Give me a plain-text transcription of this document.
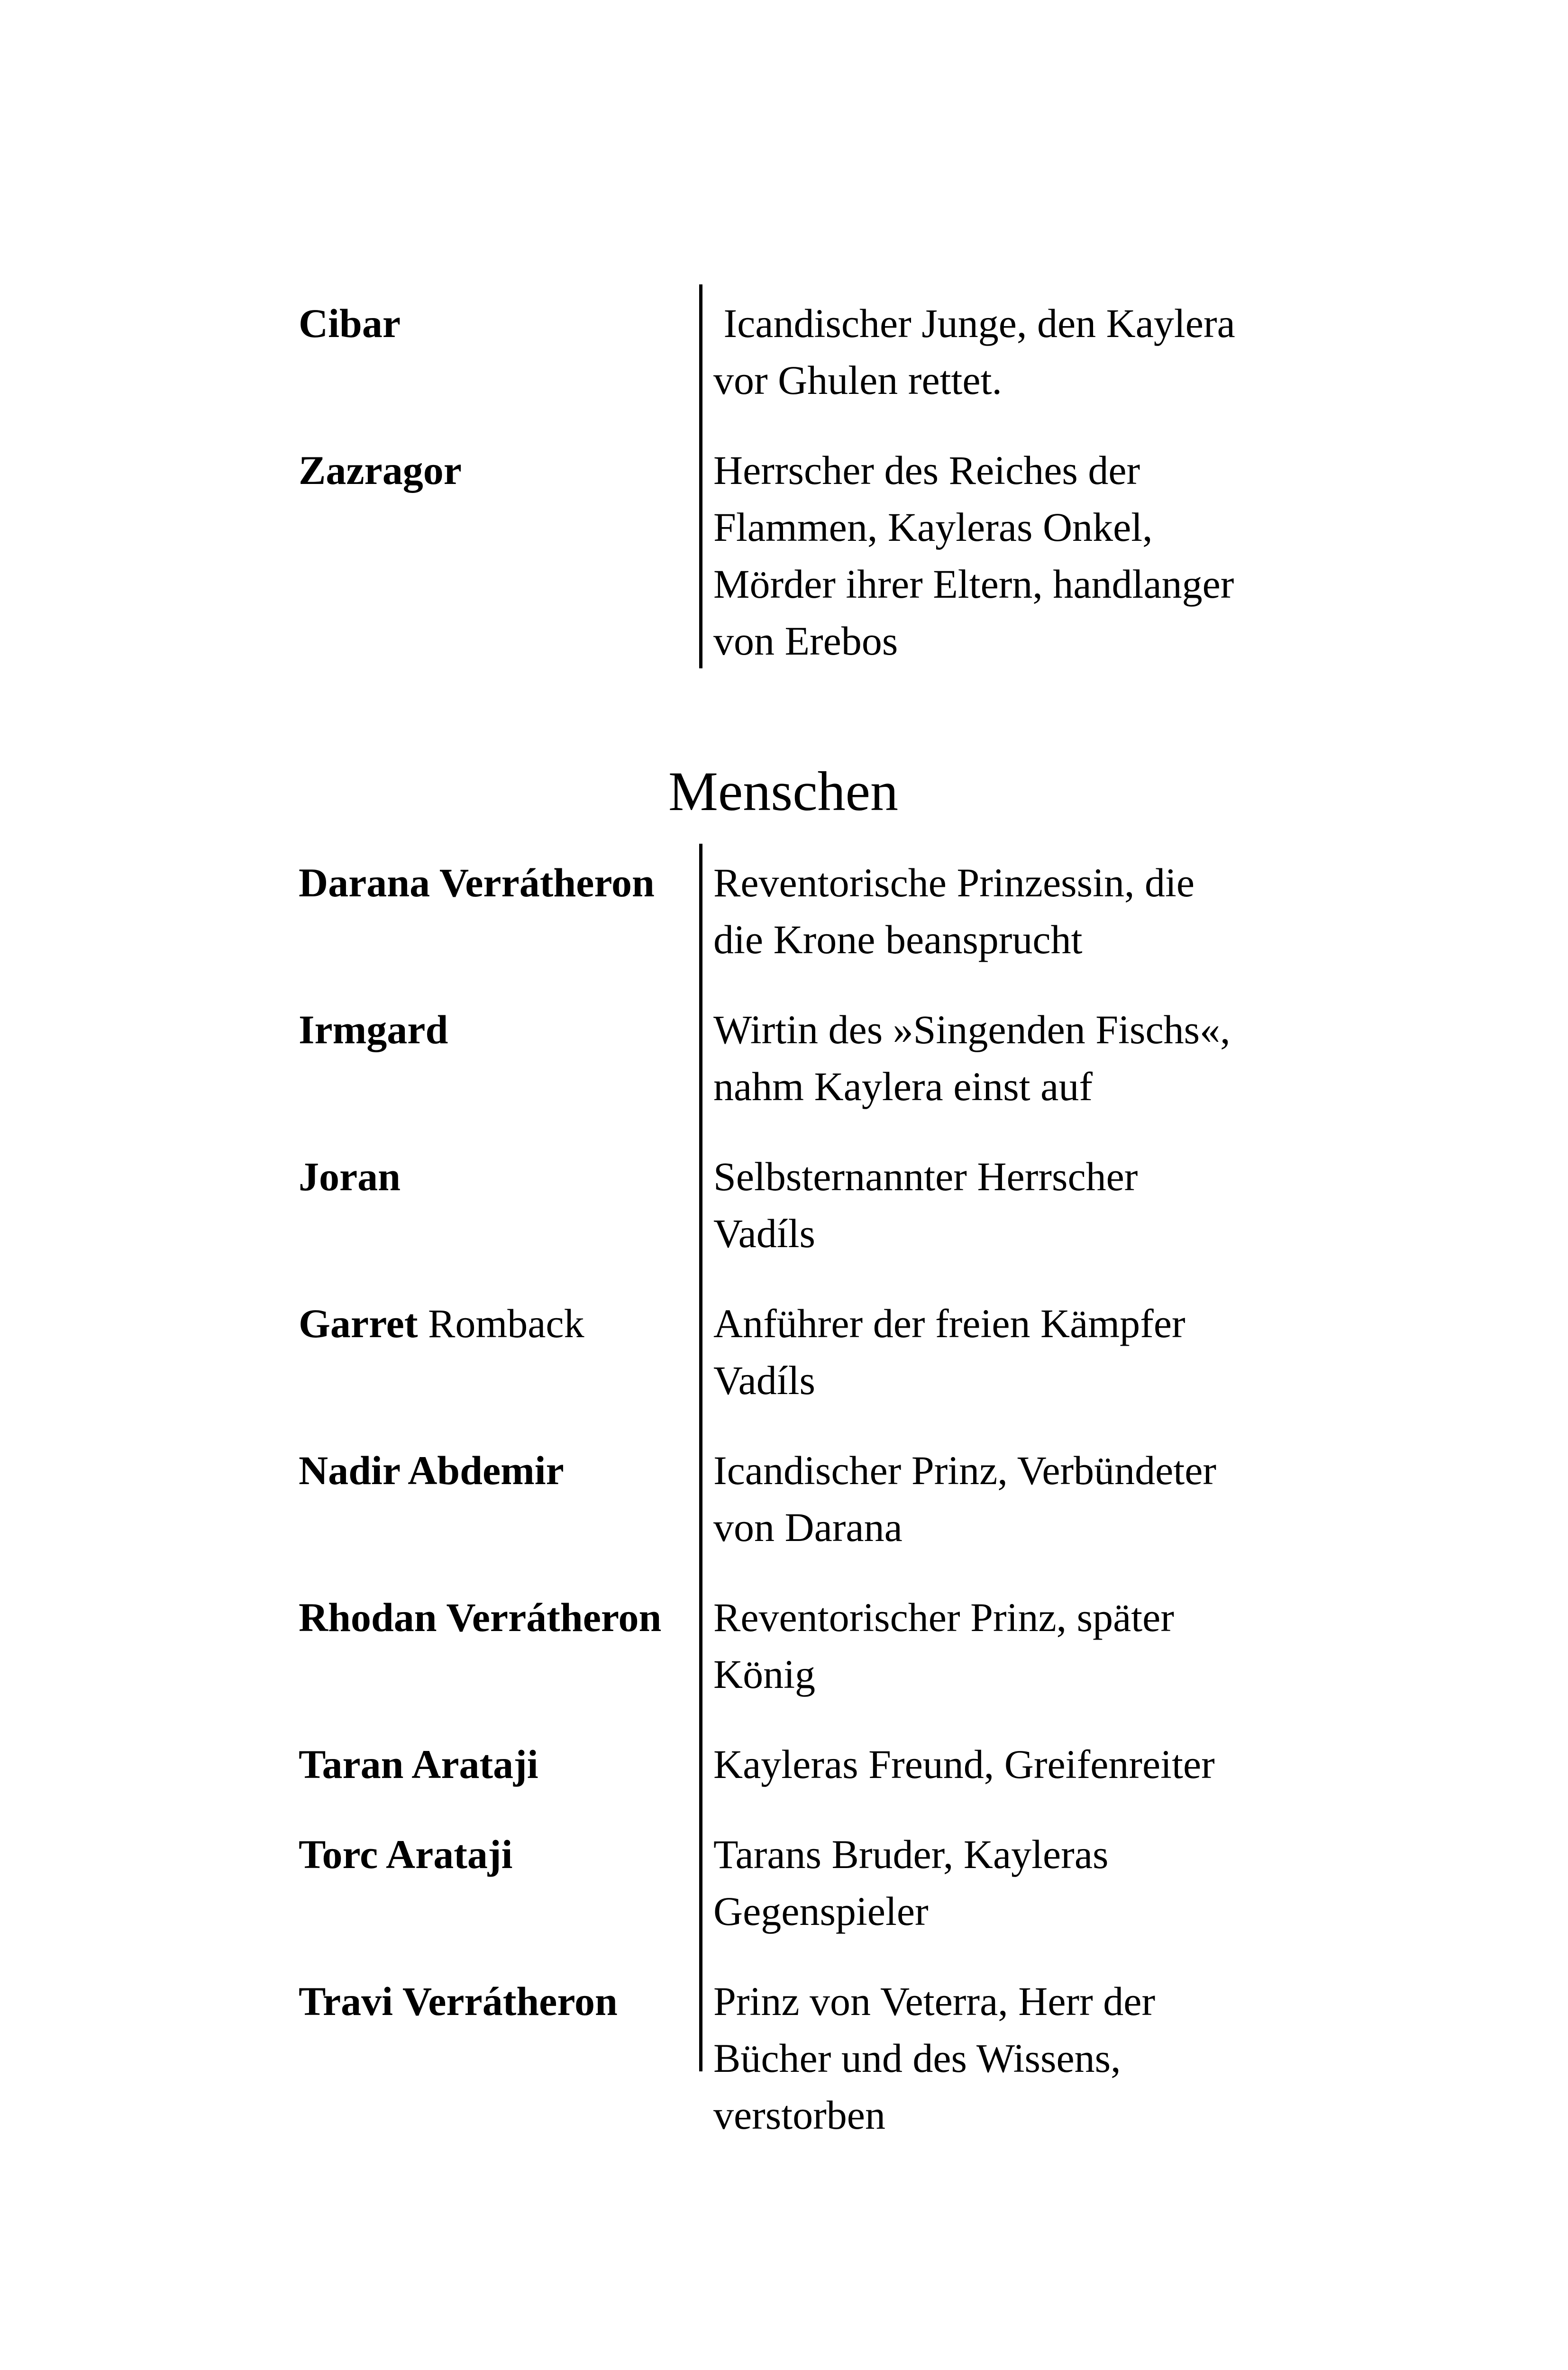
Cibar	Icandischer Junge, den Kaylera
vor Ghulen rettet.
Zazragor	Herrscher des Reiches der
Flammen, Kayleras Onkel,
Mörder ihrer Eltern, handlanger
von Erebos
Menschen
Darana Verrátheron	Reventorische Prinzessin, die
die Krone beansprucht
Irmgard	Wirtin des »Singenden Fischs«,
nahm Kaylera einst auf
Joran	Selbsternannter Herrscher
Vadíls
Garret Romback	Anführer der freien Kämpfer
Vadíls
Nadir Abdemir	Icandischer Prinz, Verbündeter
von Darana
Rhodan Verrátheron	Reventorischer Prinz, später
König
Taran Arataji	Kayleras Freund, Greifenreiter
Torc Arataji	Tarans Bruder, Kayleras
Gegenspieler
Travi Verrátheron	Prinz von Veterra, Herr der
Bücher und des Wissens,
verstorben
